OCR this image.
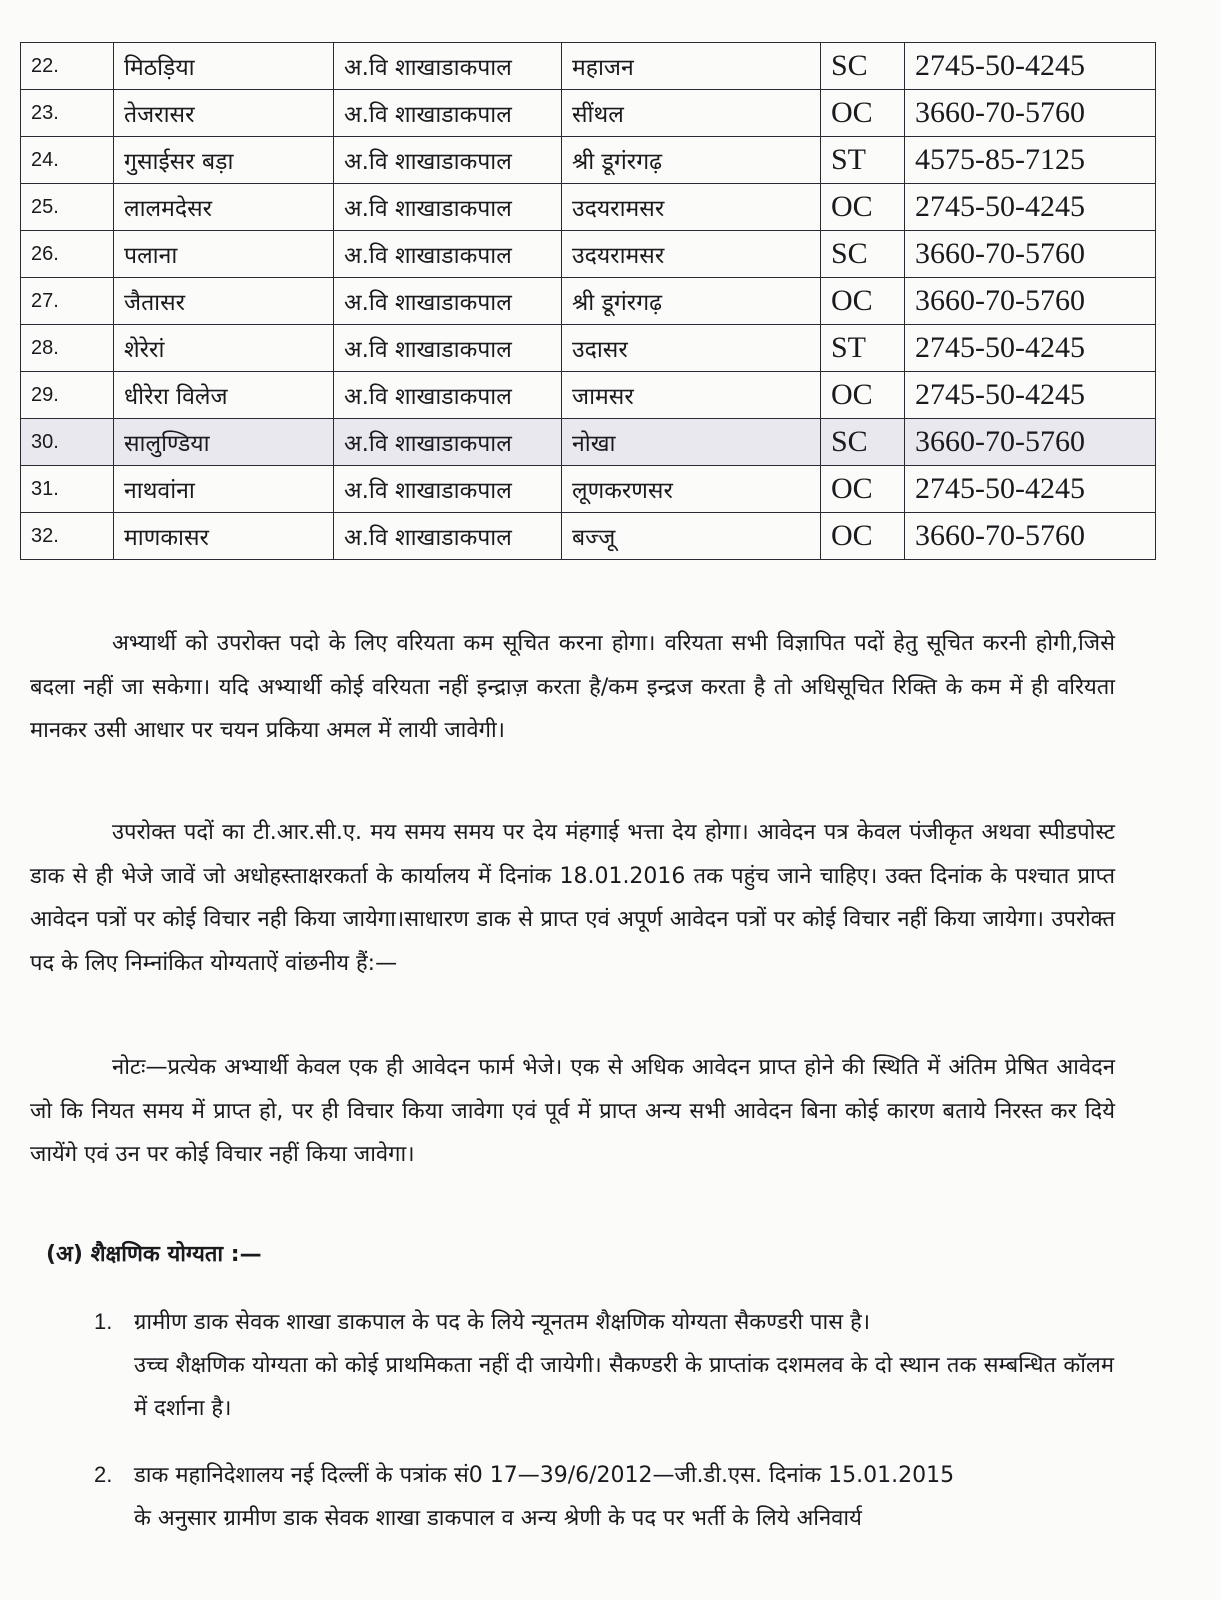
22.	मिठड़िया	अ.वि शाखाडाकपाल	महाजन	SC	2745-50-4245
23.	तेजरासर	अ.वि शाखाडाकपाल	सींथल	OC	3660-70-5760
24.	गुसाईसर बड़ा	अ.वि शाखाडाकपाल	श्री डूगंरगढ़	ST	4575-85-7125
25.	लालमदेसर	अ.वि शाखाडाकपाल	उदयरामसर	OC	2745-50-4245
26.	पलाना	अ.वि शाखाडाकपाल	उदयरामसर	SC	3660-70-5760
27.	जैतासर	अ.वि शाखाडाकपाल	श्री डूगंरगढ़	OC	3660-70-5760
28.	शेरेरां	अ.वि शाखाडाकपाल	उदासर	ST	2745-50-4245
29.	धीरेरा विलेज	अ.वि शाखाडाकपाल	जामसर	OC	2745-50-4245
30.	सालुण्डिया	अ.वि शाखाडाकपाल	नोखा	SC	3660-70-5760
31.	नाथवांना	अ.वि शाखाडाकपाल	लूणकरणसर	OC	2745-50-4245
32.	माणकासर	अ.वि शाखाडाकपाल	बज्जू	OC	3660-70-5760
अभ्यार्थी को उपरोक्त पदो के लिए वरियता कम सूचित करना होगा। वरियता सभी विज्ञापित पदों हेतु सूचित करनी होगी,जिसे बदला नहीं जा सकेगा। यदि अभ्यार्थी कोई वरियता नहीं इन्द्राज़ करता है/कम इन्द्रज करता है तो अधिसूचित रिक्ति के कम में ही वरियता मानकर उसी आधार पर चयन प्रकिया अमल में लायी जावेगी।
उपरोक्त पदों का टी.आर.सी.ए. मय समय समय पर देय मंहगाई भत्ता देय होगा। आवेदन पत्र केवल पंजीकृत अथवा स्पीडपोस्ट डाक से ही भेजे जावें जो अधोहस्ताक्षरकर्ता के कार्यालय में दिनांक 18.01.2016 तक पहुंच जाने चाहिए। उक्त दिनांक के पश्चात प्राप्त आवेदन पत्रों पर कोई विचार नही किया जायेगा।साधारण डाक से प्राप्त एवं अपूर्ण आवेदन पत्रों पर कोई विचार नहीं किया जायेगा। उपरोक्त पद के लिए निम्नांकित योग्यताऐं वांछनीय हैं:—
नोटः—प्रत्येक अभ्यार्थी केवल एक ही आवेदन फार्म भेजे। एक से अधिक आवेदन प्राप्त होने की स्थिति में अंतिम प्रेषित आवेदन जो कि नियत समय में प्राप्त हो, पर ही विचार किया जावेगा एवं पूर्व में प्राप्त अन्य सभी आवेदन बिना कोई कारण बताये निरस्त कर दिये जायेंगे एवं उन पर कोई विचार नहीं किया जावेगा।
(अ) शैक्षणिक योग्यता :—
1. ग्रामीण डाक सेवक शाखा डाकपाल के पद के लिये न्यूनतम शैक्षणिक योग्यता सैकण्डरी पास है।
उच्च शैक्षणिक योग्यता को कोई प्राथमिकता नहीं दी जायेगी। सैकण्डरी के प्राप्तांक दशमलव के दो स्थान तक सम्बन्धित कॉलम में दर्शाना है।
2. डाक महानिदेशालय नई दिल्लीं के पत्रांक सं0 17—39/6/2012—जी.डी.एस. दिनांक 15.01.2015
के अनुसार ग्रामीण डाक सेवक शाखा डाकपाल व अन्य श्रेणी के पद पर भर्ती के लिये अनिवार्य
